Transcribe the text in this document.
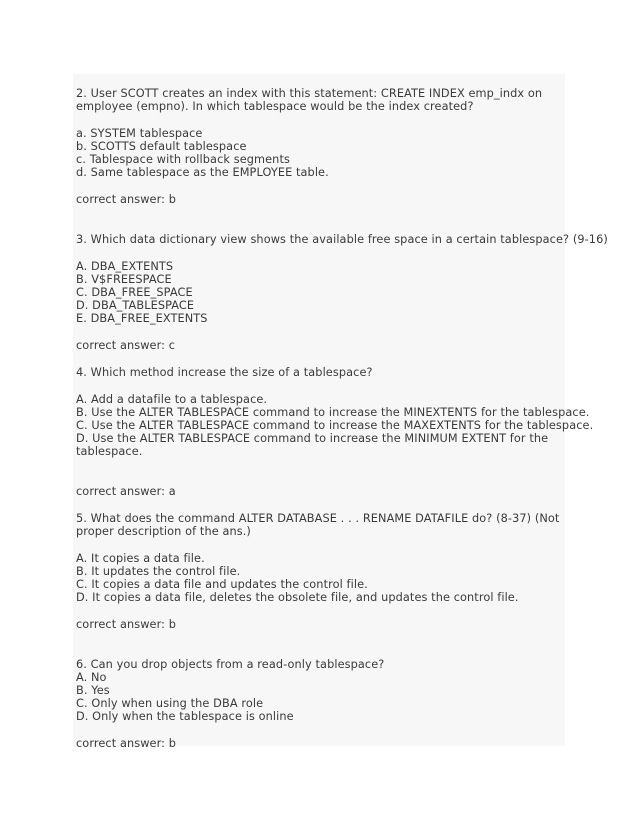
2. User SCOTT creates an index with this statement: CREATE INDEX emp_indx on employee (empno). In which tablespace would be the index created?
a. SYSTEM tablespace
b. SCOTTS default tablespace
c. Tablespace with rollback segments
d. Same tablespace as the EMPLOYEE table.
correct answer: b
3. Which data dictionary view shows the available free space in a certain tablespace? (9-16)
A. DBA_EXTENTS
B. V$FREESPACE
C. DBA_FREE_SPACE
D. DBA_TABLESPACE
E. DBA_FREE_EXTENTS
correct answer: c
4. Which method increase the size of a tablespace?
A. Add a datafile to a tablespace.
B. Use the ALTER TABLESPACE command to increase the MINEXTENTS for the tablespace.
C. Use the ALTER TABLESPACE command to increase the MAXEXTENTS for the tablespace.
D. Use the ALTER TABLESPACE command to increase the MINIMUM EXTENT for the tablespace.
correct answer: a
5. What does the command ALTER DATABASE . . . RENAME DATAFILE do? (8-37) (Not proper description of the ans.)
A. It copies a data file.
B. It updates the control file.
C. It copies a data file and updates the control file.
D. It copies a data file, deletes the obsolete file, and updates the control file.
correct answer: b
6. Can you drop objects from a read-only tablespace?
A. No
B. Yes
C. Only when using the DBA role
D. Only when the tablespace is online
correct answer: b
